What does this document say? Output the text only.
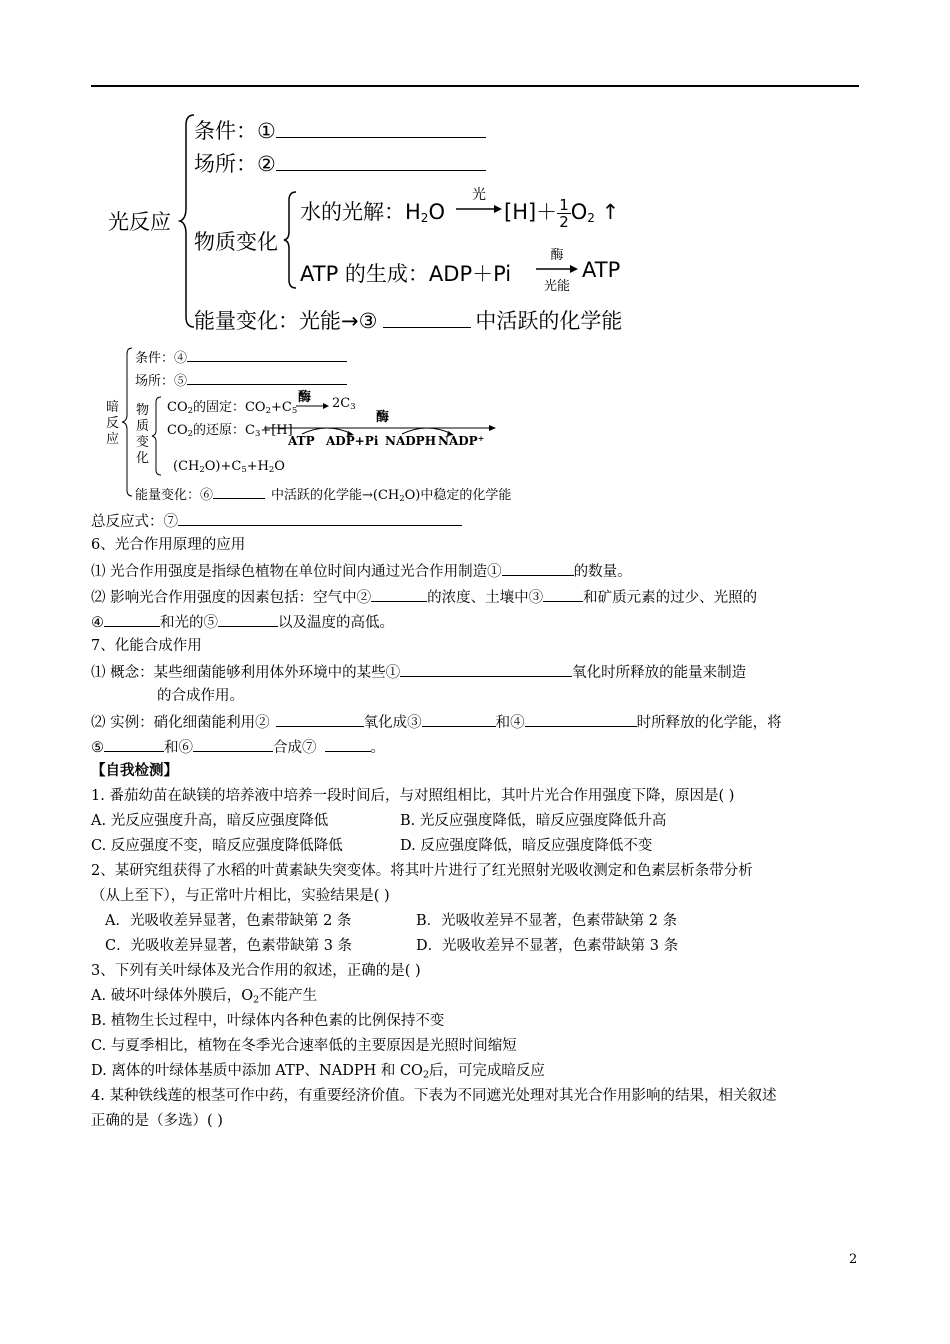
光反应
条件：①
场所：②
物质变化
水的光解：$H_2O$
光
$[H]+ \frac{1}{2} O_2$ ↑
ATP 的生成：ADP＋Pi
酶
光能
ATP
能量变化：光能→③	中活跃的化学能
暗
反
应
条件：④
场所：⑤
物
质
变
化
$CO_2$的固定：$CO_2+C_5$
酶 $2C_3$
酶
$CO_2$的还原：$C_3+[H]$
ATP ADP+Pi NADPH NADP+
$(CH_2O)+C_5+H_2O$
能量变化：⑥	中活跃的化学能$\to(CH_2O)$中稳定的化学能
总反应式：⑦
6、光合作用原理的应用
⑴ 光合作用强度是指绿色植物在单位时间内通过光合作用制造①	的数量。
⑵ 影响光合作用强度的因素包括：空气中②	的浓度、土壤中③	和矿质元素的过少、光照的
④	和光的⑤	以及温度的高低。
7、化能合成作用
⑴ 概念：某些细菌能够利用体外环境中的某些①	氧化时所释放的能量来制造
的合成作用。
⑵ 实例：硝化细菌能利用②	氧化成③	和④	时所释放的化学能，将
⑤	和⑥	合成⑦	。
【自我检测】
1. 番茄幼苗在缺镁的培养液中培养一段时间后，与对照组相比，其叶片光合作用强度下降，原因是( )
A. 光反应强度升高，暗反应强度降低	B. 光反应强度降低，暗反应强度降低升高
C. 反应强度不变，暗反应强度降低降低	D. 反应强度降低，暗反应强度降低不变
2、某研究组获得了水稻的叶黄素缺失突变体。将其叶片进行了红光照射光吸收测定和色素层析条带分析
（从上至下），与正常叶片相比，实验结果是( )
A．光吸收差异显著，色素带缺第 2 条	B．光吸收差异不显著，色素带缺第 2 条
C．光吸收差异显著，色素带缺第 3 条	D．光吸收差异不显著，色素带缺第 3 条
3、下列有关叶绿体及光合作用的叙述，正确的是( )
A. 破坏叶绿体外膜后，$O_2$不能产生
B. 植物生长过程中，叶绿体内各种色素的比例保持不变
C. 与夏季相比，植物在冬季光合速率低的主要原因是光照时间缩短
D. 离体的叶绿体基质中添加 ATP、NADPH 和 $CO_2$后，可完成暗反应
4. 某种铁线莲的根茎可作中药，有重要经济价值。下表为不同遮光处理对其光合作用影响的结果，相关叙述
正确的是（多选）( )
2
